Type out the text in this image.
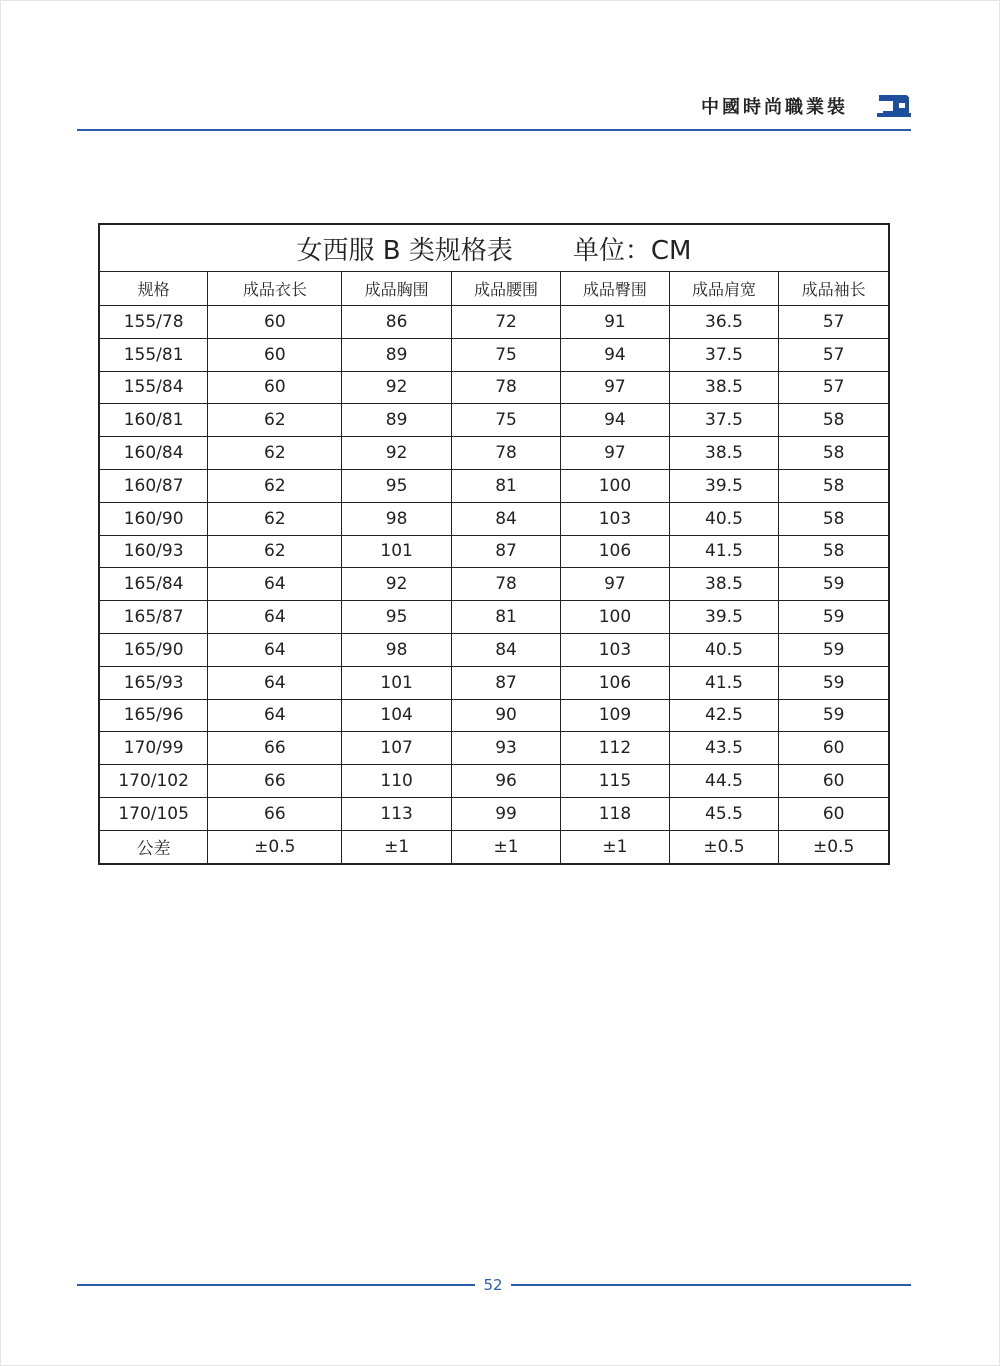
中國時尚職業裝
女西服 B 类规格表 单位：CM						
规格	成品衣长	成品胸围	成品腰围	成品臀围	成品肩宽	成品袖长
155/78	60	86	72	91	36.5	57
155/81	60	89	75	94	37.5	57
155/84	60	92	78	97	38.5	57
160/81	62	89	75	94	37.5	58
160/84	62	92	78	97	38.5	58
160/87	62	95	81	100	39.5	58
160/90	62	98	84	103	40.5	58
160/93	62	101	87	106	41.5	58
165/84	64	92	78	97	38.5	59
165/87	64	95	81	100	39.5	59
165/90	64	98	84	103	40.5	59
165/93	64	101	87	106	41.5	59
165/96	64	104	90	109	42.5	59
170/99	66	107	93	112	43.5	60
170/102	66	110	96	115	44.5	60
170/105	66	113	99	118	45.5	60
公差	±0.5	±1	±1	±1	±0.5	±0.5
52
